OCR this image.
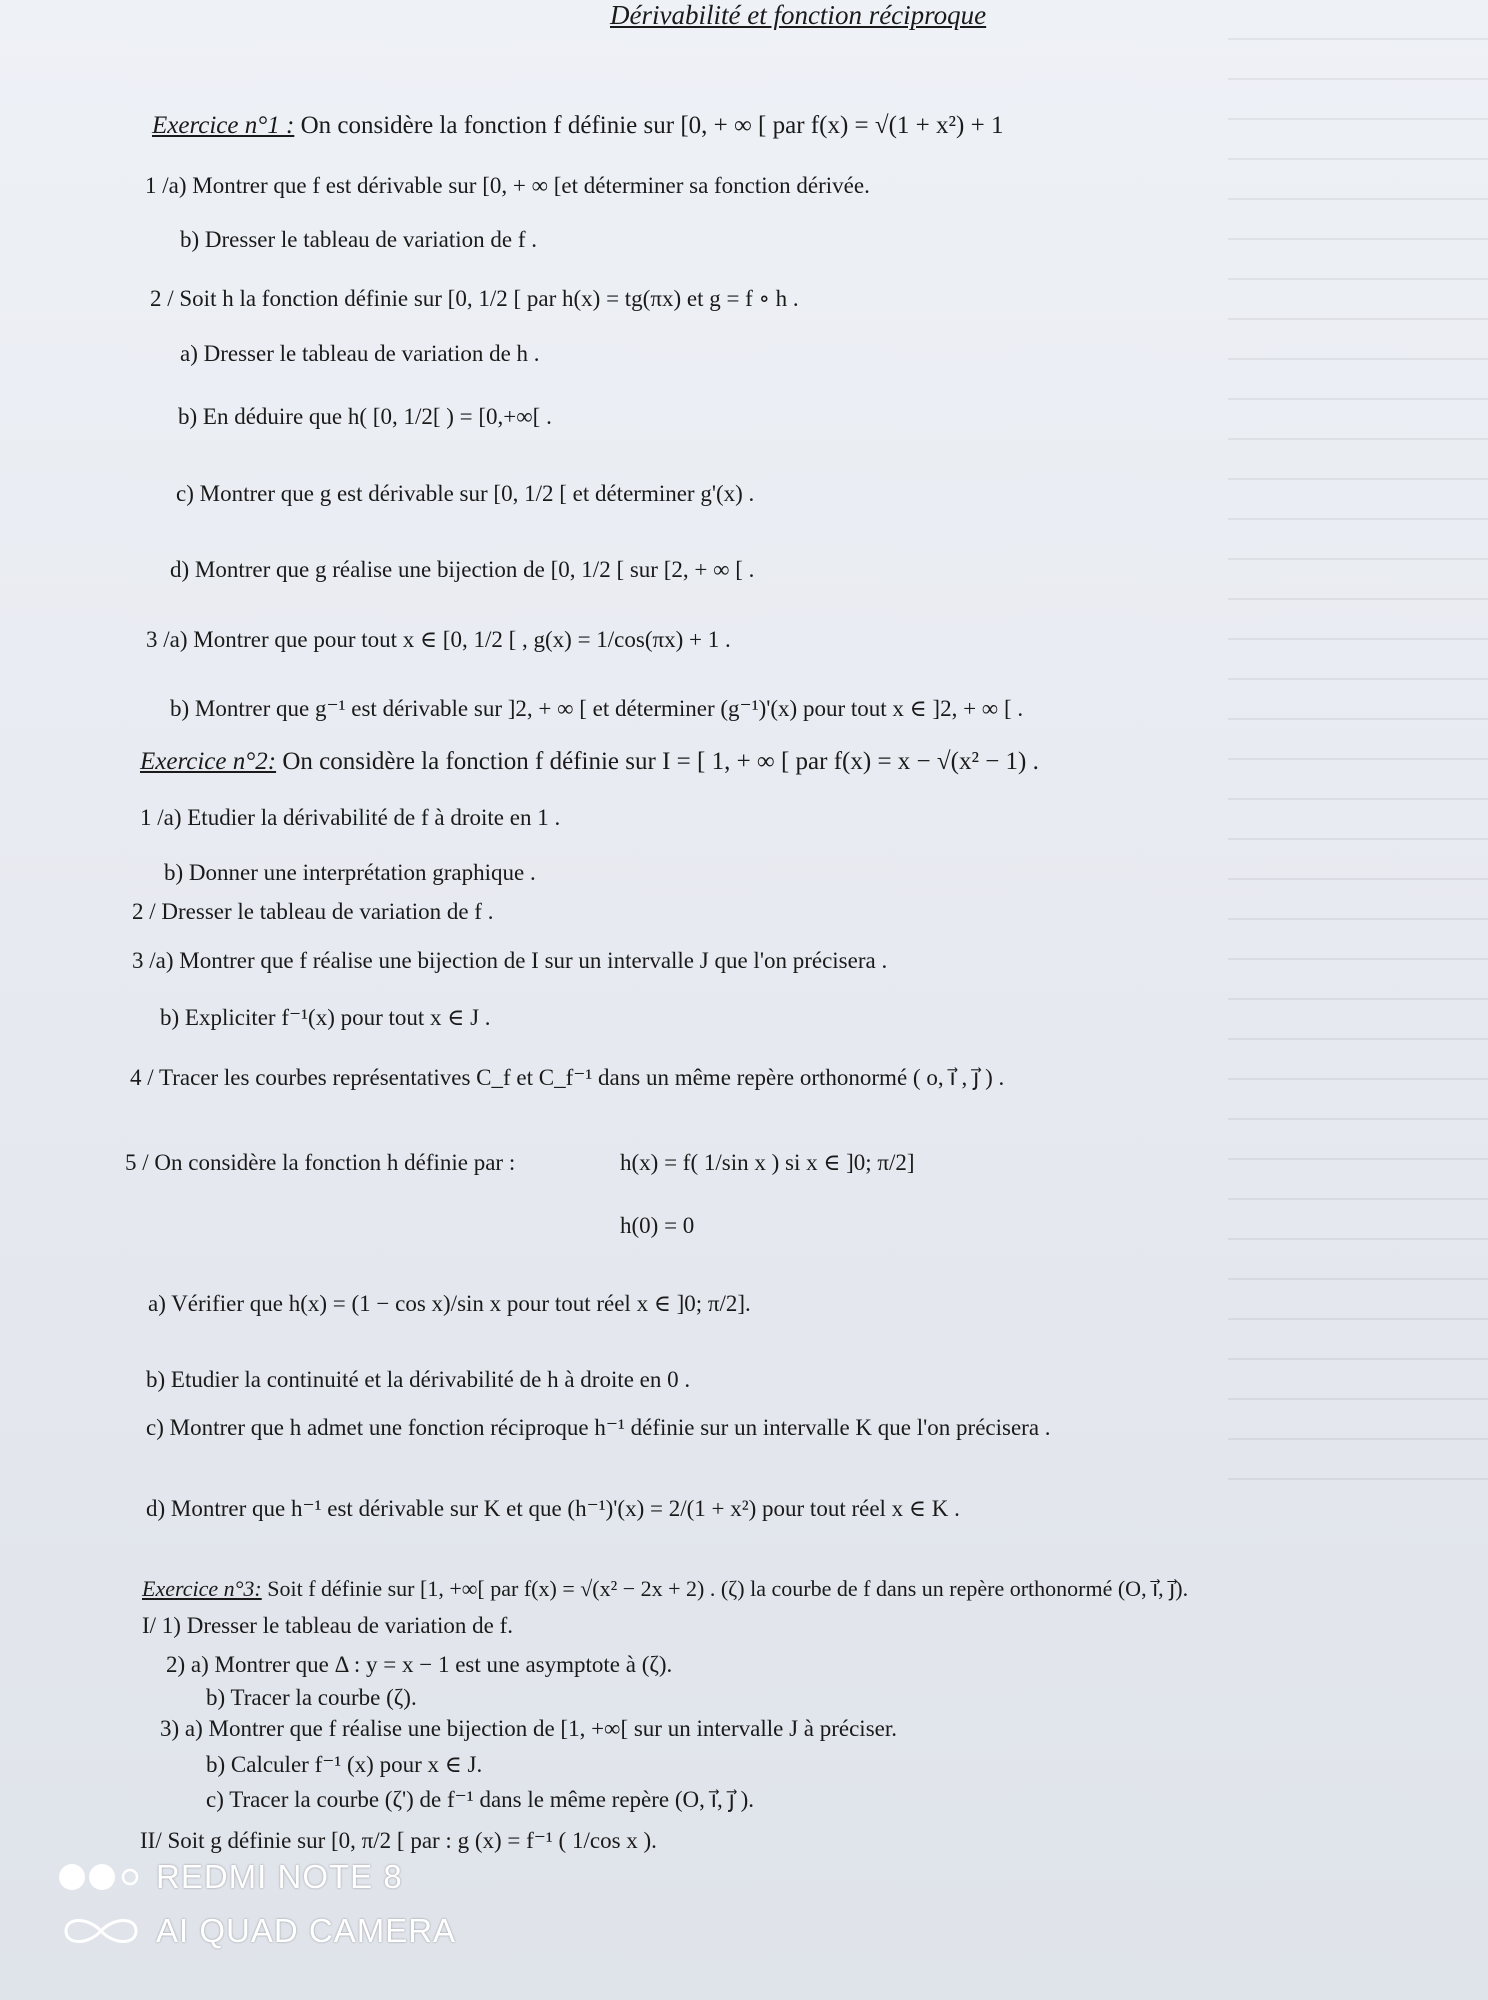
Dérivabilité et fonction réciproque
Exercice n°1 : On considère la fonction f définie sur [0, + ∞ [ par f(x) = √(1 + x²) + 1
1 /a) Montrer que f est dérivable sur [0, + ∞ [et déterminer sa fonction dérivée.
b) Dresser le tableau de variation de f .
2 / Soit h la fonction définie sur [0, 1/2 [ par h(x) = tg(πx) et g = f ∘ h .
a) Dresser le tableau de variation de h .
b) En déduire que h( [0, 1/2[ ) = [0,+∞[ .
c) Montrer que g est dérivable sur [0, 1/2 [ et déterminer g'(x) .
d) Montrer que g réalise une bijection de [0, 1/2 [ sur [2, + ∞ [ .
3 /a) Montrer que pour tout x ∈ [0, 1/2 [ , g(x) = 1/cos(πx) + 1 .
b) Montrer que g⁻¹ est dérivable sur ]2, + ∞ [ et déterminer (g⁻¹)'(x) pour tout x ∈ ]2, + ∞ [ .
Exercice n°2: On considère la fonction f définie sur I = [ 1, + ∞ [ par f(x) = x − √(x² − 1) .
1 /a) Etudier la dérivabilité de f à droite en 1 .
b) Donner une interprétation graphique .
2 / Dresser le tableau de variation de f .
3 /a) Montrer que f réalise une bijection de I sur un intervalle J que l'on précisera .
b) Expliciter f⁻¹(x) pour tout x ∈ J .
4 / Tracer les courbes représentatives C_f et C_f⁻¹ dans un même repère orthonormé ( o, i⃗ , j⃗ ) .
5 / On considère la fonction h définie par :	h(x) = f( 1/sin x ) si x ∈ ]0; π/2]
h(0) = 0
a) Vérifier que h(x) = (1 − cos x)/sin x pour tout réel x ∈ ]0; π/2].
b) Etudier la continuité et la dérivabilité de h à droite en 0 .
c) Montrer que h admet une fonction réciproque h⁻¹ définie sur un intervalle K que l'on précisera .
d) Montrer que h⁻¹ est dérivable sur K et que (h⁻¹)'(x) = 2/(1 + x²) pour tout réel x ∈ K .
Exercice n°3: Soit f définie sur [1, +∞[ par f(x) = √(x² − 2x + 2) . (ζ) la courbe de f dans un repère orthonormé (O, i⃗, j⃗).
I/ 1) Dresser le tableau de variation de f.
2) a) Montrer que Δ : y = x − 1 est une asymptote à (ζ).
b) Tracer la courbe (ζ).
3) a) Montrer que f réalise une bijection de [1, +∞[ sur un intervalle J à préciser.
b) Calculer f⁻¹ (x) pour x ∈ J.
c) Tracer la courbe (ζ') de f⁻¹ dans le même repère (O, i⃗, j⃗ ).
II/ Soit g définie sur [0, π/2 [ par : g (x) = f⁻¹ ( 1/cos x ).
REDMI NOTE 8
AI QUAD CAMERA
